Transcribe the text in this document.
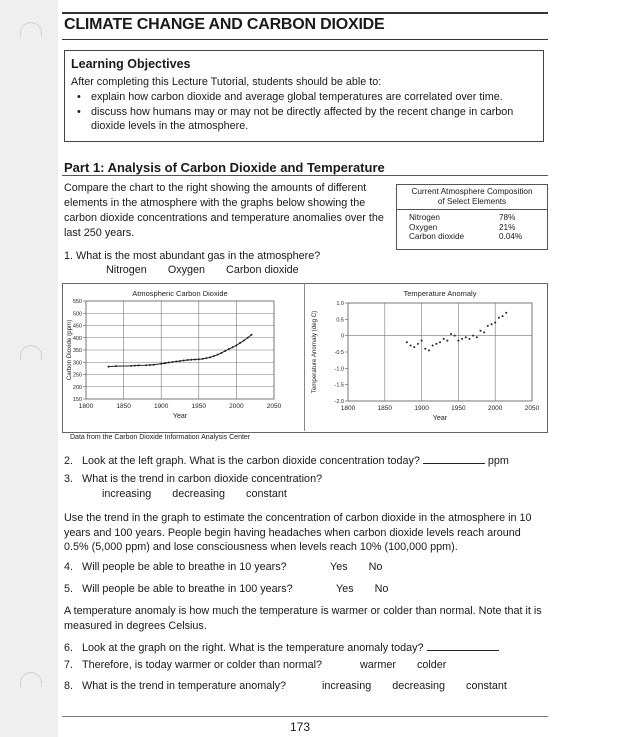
CLIMATE CHANGE AND CARBON DIOXIDE
Learning Objectives
After completing this Lecture Tutorial, students should be able to:
• explain how carbon dioxide and average global temperatures are correlated over time.
• discuss how humans may or may not be directly affected by the recent change in carbon dioxide levels in the atmosphere.
Part 1: Analysis of Carbon Dioxide and Temperature
Compare the chart to the right showing the amounts of different elements in the atmosphere with the graphs below showing the carbon dioxide concentrations and temperature anomalies over the last 250 years.
Current Atmosphere Composition
of Select Elements
Nitrogen	78%
Oxygen	21%
Carbon dioxide	0.04%
1. What is the most abundant gas in the atmosphere?
Nitrogen Oxygen Carbon dioxide
Atmospheric Carbon Dioxide
1800	1850	1900	1950	2000	2050
550
500
450
400
350
300
250
200
150
Year
Carbon Dioxide (ppm)
Temperature Anomaly
1800	1850	1900	1950	2000	2050
1.0
0.5
0
-0.5
-1.0
-1.5
-2.0
Year
Temperature Anomaly (deg C)
Data from the Carbon Dioxide Information Analysis Center
2. Look at the left graph. What is the carbon dioxide concentration today?	ppm
3. What is the trend in carbon dioxide concentration?
increasing decreasing constant
Use the trend in the graph to estimate the concentration of carbon dioxide in the atmosphere in 10 years and 100 years. People begin having headaches when carbon dioxide levels reach around 0.5% (5,000 ppm) and lose consciousness when levels reach 10% (100,000 ppm).
4. Will people be able to breathe in 10 years?	Yes No
5. Will people be able to breathe in 100 years?	Yes No
A temperature anomaly is how much the temperature is warmer or colder than normal. Note that it is measured in degrees Celsius.
6. Look at the graph on the right. What is the temperature anomaly today?
7. Therefore, is today warmer or colder than normal?	warmer colder
8. What is the trend in temperature anomaly?	increasing decreasing constant
173
